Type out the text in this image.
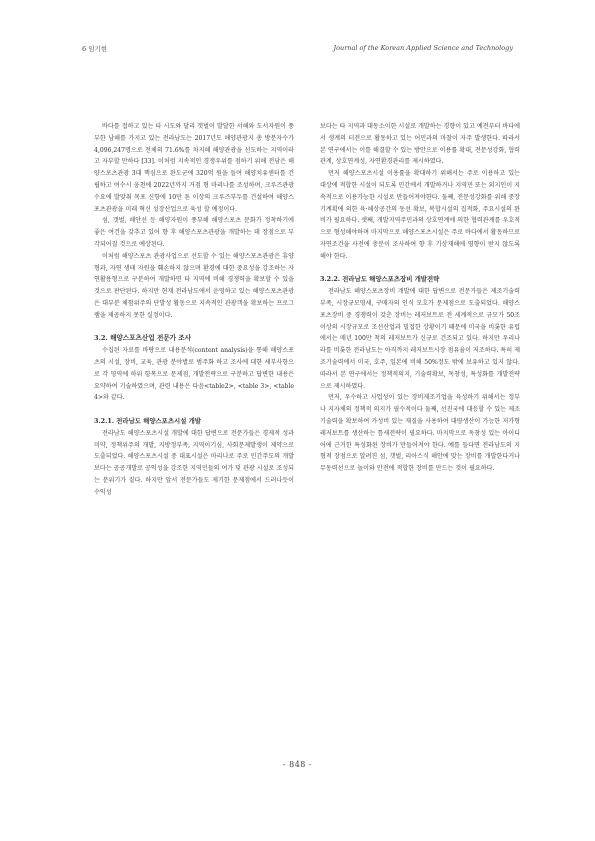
6 임기현	Journal of the Korean Applied Science and Technology

바다를 접하고 있는 타 시도와 달리 갯벌이 발달한 서해와 도서자원이 풍부한 남해를 가지고 있는 전라남도는 2017년도 해양관광지 총 방문자수가 4,096,247명으로 전체의 71.6%를 차지해 해양관광을 선도하는 지역이라고 자부할 만하다 [33]. 이처럼 지속적인 경쟁우위를 점하기 위해 전남은 해양스포츠관광 3대 핵심으로 완도군에 320억 원을 들여 해양치유센터를 건립하고 여수시 웅천에 2022년까지 거점 형 마리나를 조성하며, 크루즈관광 수요에 발맞춰 목포 신항에 10만 톤 이상의 크루즈부두를 건설하여 해양스포츠관광을 미래 혁신 성장산업으로 육성 할 예정이다.

섬, 갯벌, 해안선 등 해양자원이 풍부해 해양스포츠 문화가 정착하기에 좋은 여건을 갖추고 있어 향 후 해양스포츠관광을 개발하는 데 장점으로 부각되어질 것으로 예상된다.

이처럼 해양스포츠 관광사업으로 선도할 수 있는 해양스포츠관광은 휴양형과, 자연 생태 자원을 훼손하지 않으며 환경에 대한 중요성을 강조하는 자연활용형으로 구분하여 개발하면 타 지역에 비해 경쟁력을 확보할 수 있을 것으로 판단된다. 하지만 현재 전라남도에서 운영하고 있는 해양스포츠관광은 대부분 체험위주의 단발성 활동으로 지속적인 관광객을 확보하는 프로그램을 제공하지 못한 실정이다.

3.2. 해양스포츠산업 전문가 조사

수집된 자료를 바탕으로 내용분석(content analysis)을 통해 해양스포츠의 시설, 장비, 교육, 관광 분야별로 범주화 하고 조사에 대한 세부사항으로 각 영역에 하위 항목으로 문제점, 개발전략으로 구분하고 답변한 내용은 요약하여 기술하였으며, 관련 내용은 다음<table2>, <table 3>, <table 4>와 같다.

3.2.1. 전라남도 해양스포츠시설 개발

전라남도 해양스포츠시설 개발에 대한 답변으로 전문가들은 경제적 성과 미약, 정책위주의 개발, 지방정부족, 지역이기심, 사회문제발생이 제약으로 도출되었다. 해양스포츠시설 중 대표시설은 마리나로 주로 민간주도의 개발보다는 공공개발로 공익성을 강조한 지역민들의 여가 및 관광 시설로 조성되는 분위기가 짙다. 하지만 앞서 전문가들도 제기한 문제점에서 드러나듯이 수익성

보다는 타 지역과 대동소이한 시설로 개발하는 경향이 있고 예전부터 바다에서 생계의 터전으로 활동하고 있는 어민과의 마찰이 자주 발생한다. 따라서 본 연구에서는 이를 해결할 수 있는 방안으로 이용률 확대, 전문성강화, 협력관계, 상호연계성, 자연환경관리를 제시하였다.

먼저 해양스포츠시설 이용률을 확대하기 위해서는 주로 이용하고 있는 대상에 적합한 시설이 되도록 민간에서 개발하거나 지역민 또는 외지인이 지속적으로 이용가능한 시설로 만들어져야한다. 둘째, 전문성강화를 위해 중장기계획에 의한 육·해상공간의 동선 확보, 복합시설의 집적화, 주요시설의 완비가 필요하다. 셋째, 개발지역주민과의 상호연계에 의한 협력관계를 우호적으로 형성해야하며 마지막으로 해양스포츠시설은 주로 바다에서 활동하므로 자연조건을 사전에 충분이 조사하여 향 후 기상재해에 영향이 받지 않도록 해야 한다.

3.2.2. 전라남도 해양스포츠장비 개발전략

전라남도 해양스포츠장비 개발에 대한 답변으로 전문가들은 제조기술력 부족, 시장규모영세, 구매자의 인식 모호가 문제점으로 도출되었다. 해양스포츠장비 중 경쟁력이 갖춘 장비는 레저보트로 전 세계적으로 규모가 50조이상의 시장규모로 조선산업과 밀접한 상황이기 때문에 미국을 비롯한 유럽에서는 매년 100만 척의 레저보트가 신규로 건조되고 있다. 하지만 우리나라를 비롯한 전라남도는 아직까지 레저보트시장 점유율이 저조하다. 특히 제조기술력에서 미국, 호주, 일본에 비해 50%정도 밖에 보유하고 있지 않다. 따라서 본 연구에서는 정책적의지, 기술력확보, 독창성, 특성화를 개발전략으로 제시하였다.

먼저, 우수하고 사업성이 있는 장비제조기업을 육성하기 위해서는 정부나 지자체의 정책적 의지가 필수적이다 둘째, 선진국에 대응할 수 있는 제조기술력을 확보하여 가성비 있는 재질을 사용하여 대량생산이 가능한 저가형 레저보트를 생산하는 틈새전략이 필요하다. 마지막으로 독창성 있는 아이디어에 근거한 특성화된 장비가 만들어져야 한다. 예를 들다면 전라남도의 지형적 장점으로 알려진 섬, 갯벌, 리아스식 해안에 맞는 장비를 개발한다거나 무동력선으로 놀이와 안전에 적합한 장비를 만드는 것이 필요하다.

- 848 -
